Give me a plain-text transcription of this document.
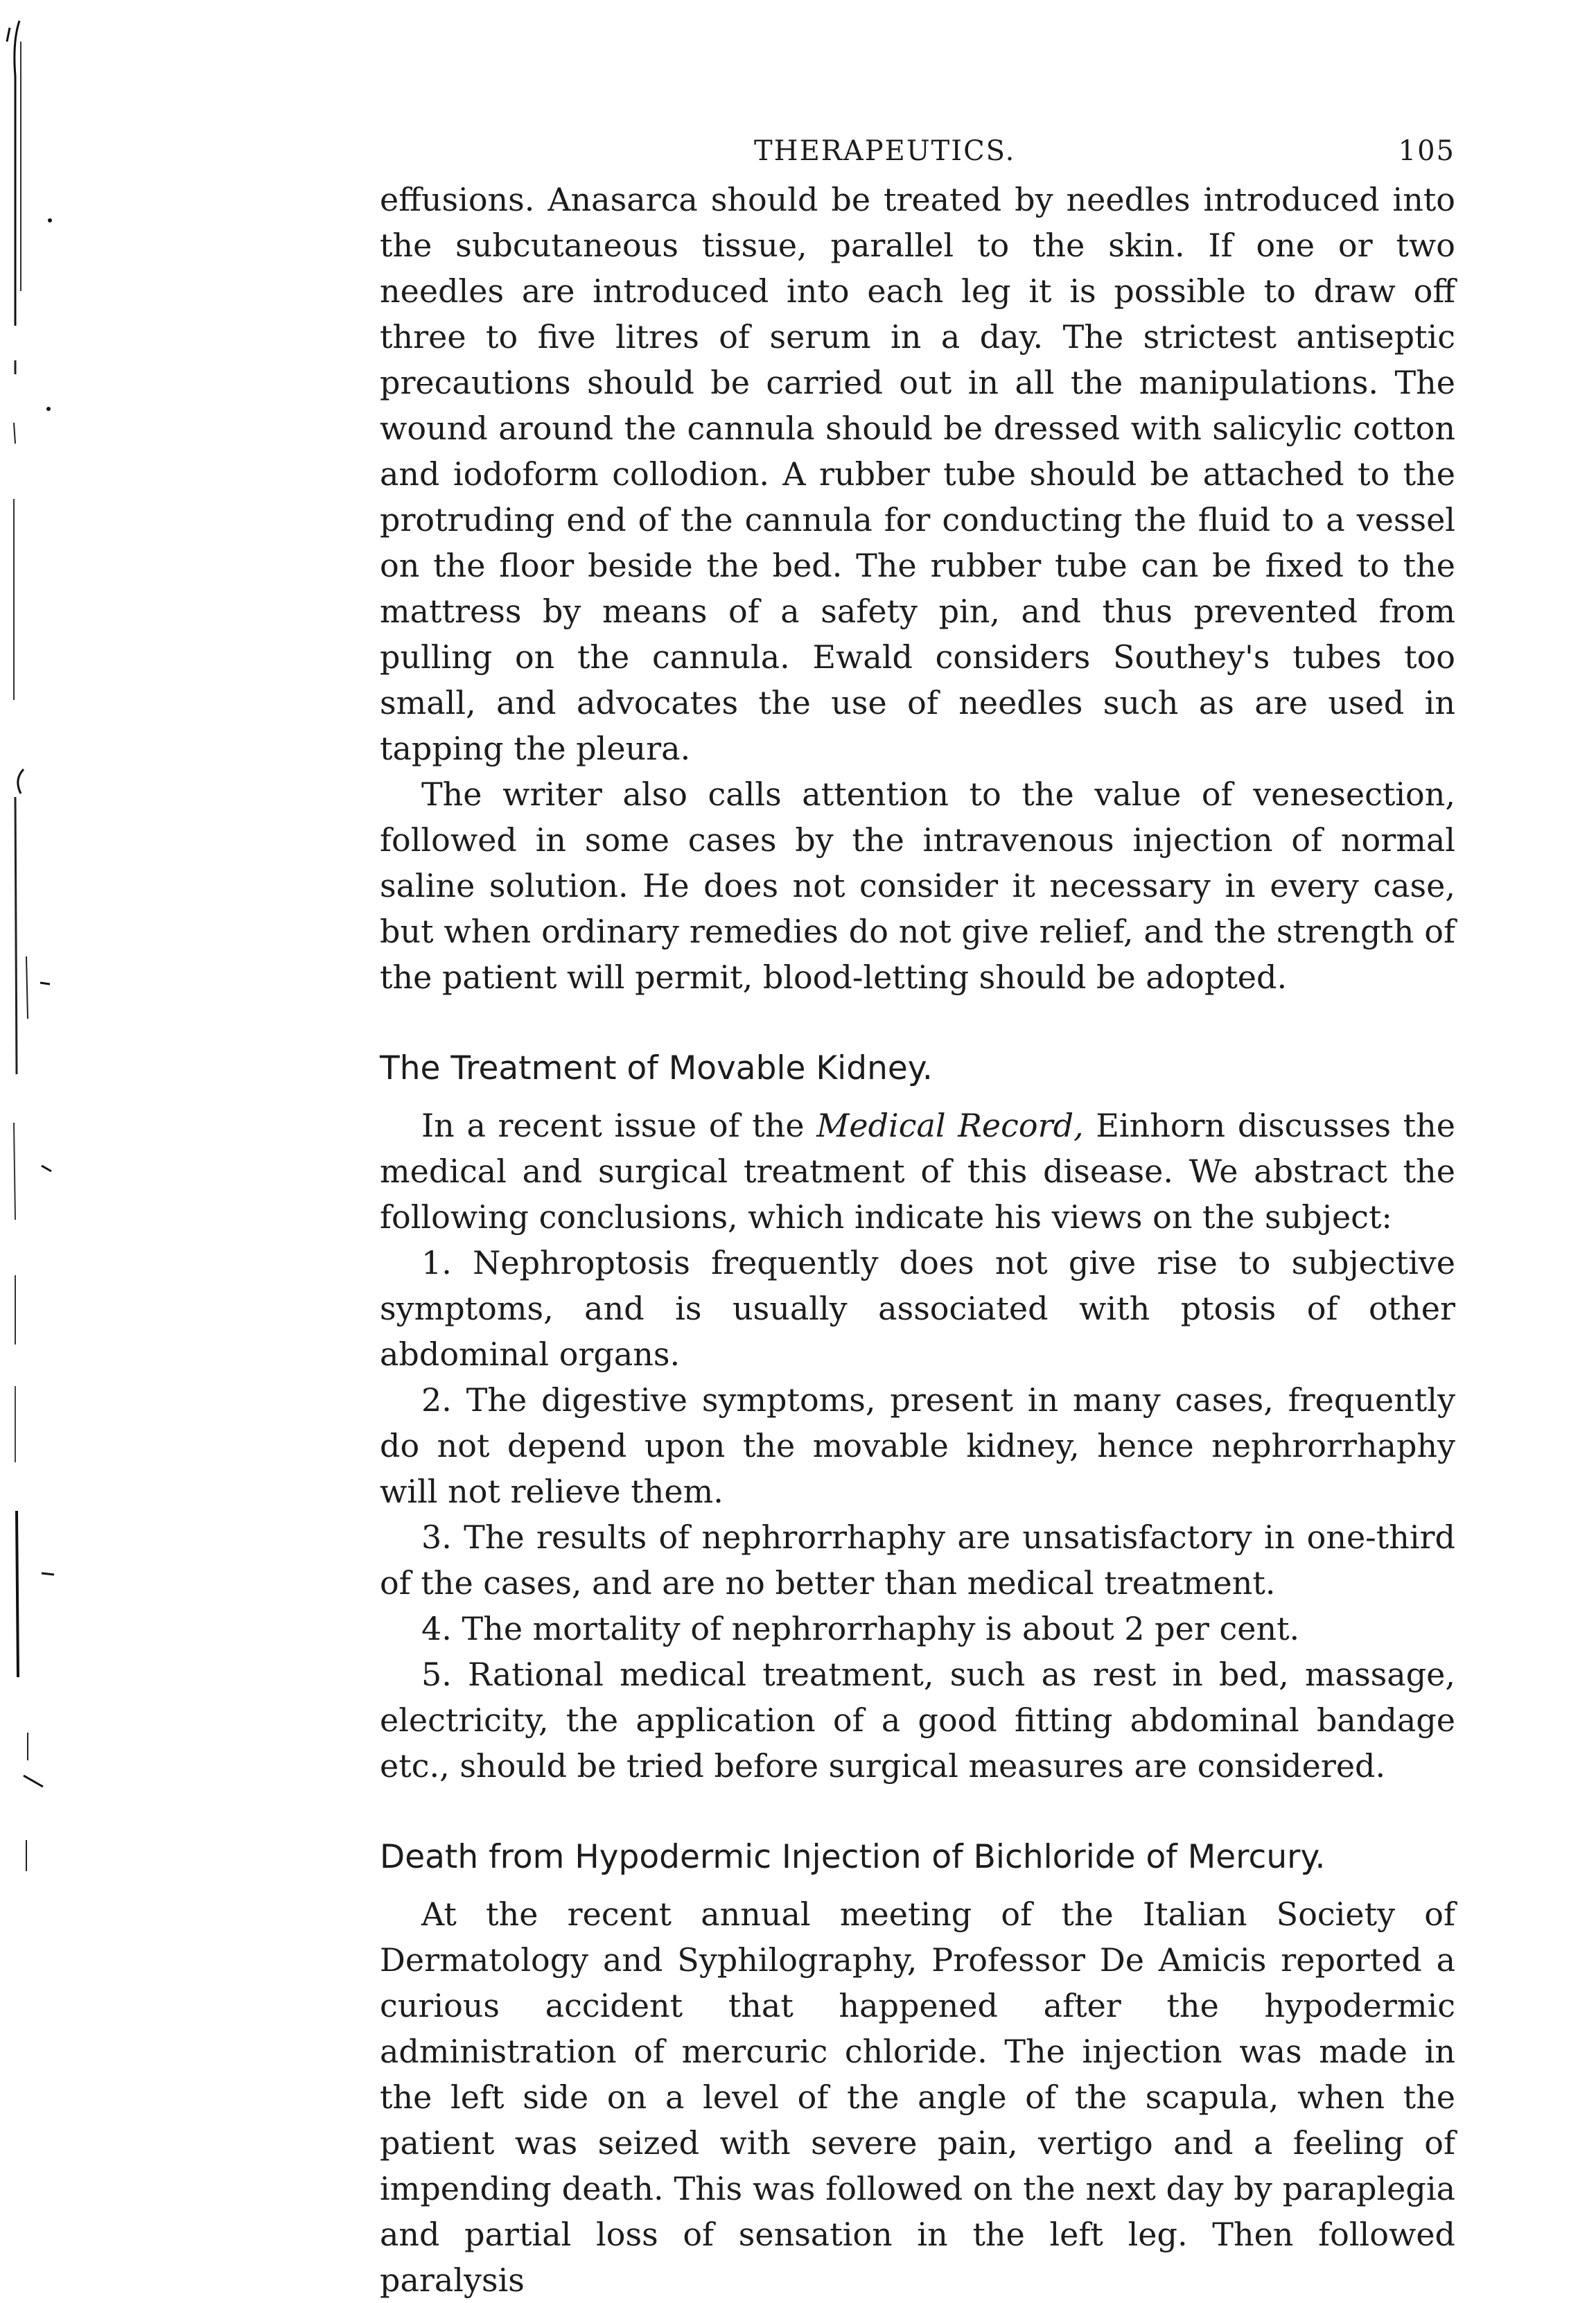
THERAPEUTICS.	105

effusions. Anasarca should be treated by needles introduced into the subcutaneous tissue, parallel to the skin. If one or two needles are introduced into each leg it is possible to draw off three to five litres of serum in a day. The strictest antiseptic precautions should be carried out in all the manipulations. The wound around the cannula should be dressed with salicylic cotton and iodoform collodion. A rubber tube should be attached to the protruding end of the cannula for conducting the fluid to a vessel on the floor beside the bed. The rubber tube can be fixed to the mattress by means of a safety pin, and thus prevented from pulling on the cannula. Ewald considers Southey's tubes too small, and advocates the use of needles such as are used in tapping the pleura.

The writer also calls attention to the value of venesection, followed in some cases by the intravenous injection of normal saline solution. He does not consider it necessary in every case, but when ordinary remedies do not give relief, and the strength of the patient will permit, blood-letting should be adopted.

The Treatment of Movable Kidney.

In a recent issue of the Medical Record, Einhorn discusses the medical and surgical treatment of this disease. We abstract the following conclusions, which indicate his views on the subject:

1. Nephroptosis frequently does not give rise to subjective symptoms, and is usually associated with ptosis of other abdominal organs.

2. The digestive symptoms, present in many cases, frequently do not depend upon the movable kidney, hence nephrorrhaphy will not relieve them.

3. The results of nephrorrhaphy are unsatisfactory in one-third of the cases, and are no better than medical treatment.

4. The mortality of nephrorrhaphy is about 2 per cent.

5. Rational medical treatment, such as rest in bed, massage, electricity, the application of a good fitting abdominal bandage etc., should be tried before surgical measures are considered.

Death from Hypodermic Injection of Bichloride of Mercury.

At the recent annual meeting of the Italian Society of Dermatology and Syphilography, Professor De Amicis reported a curious accident that happened after the hypodermic administration of mercuric chloride. The injection was made in the left side on a level of the angle of the scapula, when the patient was seized with severe pain, vertigo and a feeling of impending death. This was followed on the next day by paraplegia and partial loss of sensation in the left leg. Then followed paralysis
